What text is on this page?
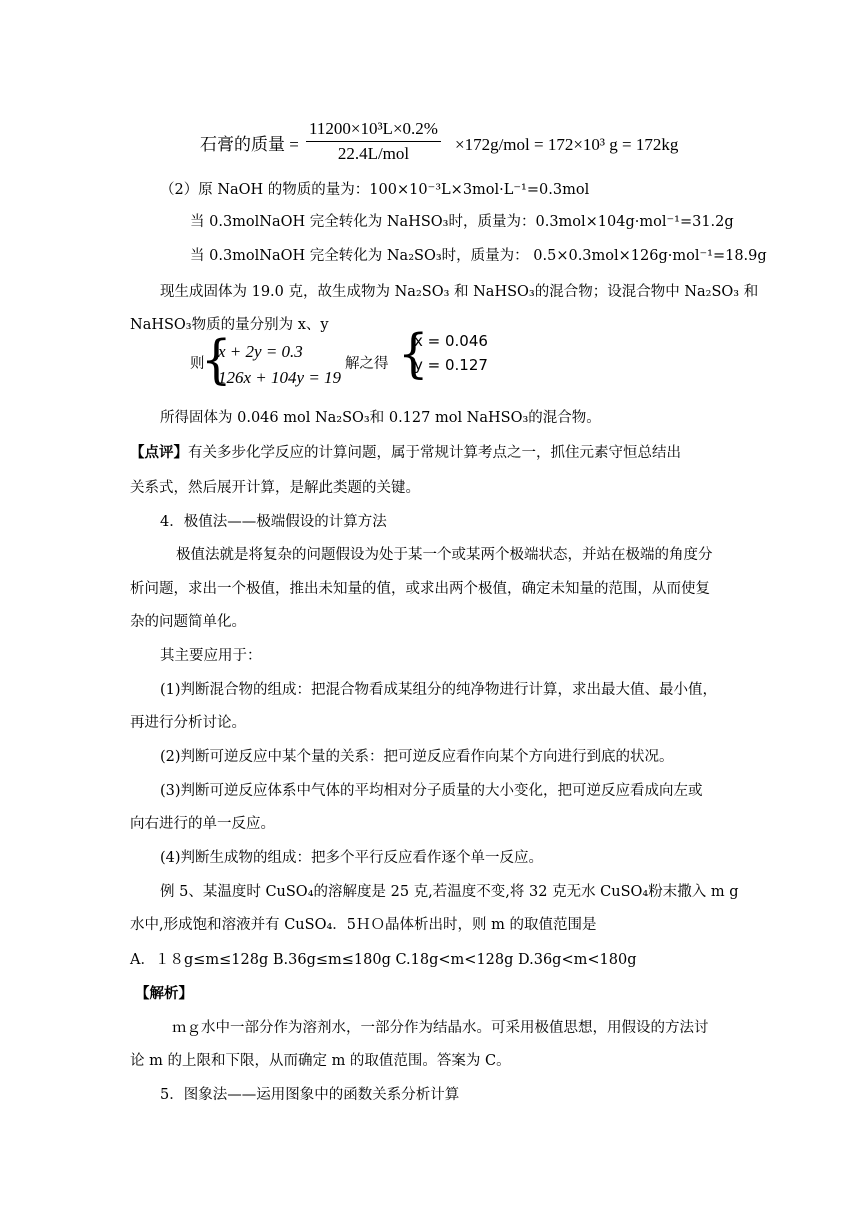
石膏的质量 =
11200×10³L×0.2%
22.4L/mol	×172g/mol = 172×10³ g = 172kg
（2）原 NaOH 的物质的量为：100×10⁻³L×3mol·L⁻¹=0.3mol
当 0.3molNaOH 完全转化为 NaHSO₃时，质量为：0.3mol×104g·mol⁻¹=31.2g
当 0.3molNaOH 完全转化为 Na₂SO₃时，质量为： 0.5×0.3mol×126g·mol⁻¹=18.9g
现生成固体为 19.0 克，故生成物为 Na₂SO₃ 和 NaHSO₃的混合物；设混合物中 Na₂SO₃ 和
NaHSO₃物质的量分别为 x、y
则
{
x + 2y = 0.3
126x + 104y = 19
解之得 {
x = 0.046
y = 0.127
所得固体为 0.046 mol Na₂SO₃和 0.127 mol NaHSO₃的混合物。
【点评】有关多步化学反应的计算问题，属于常规计算考点之一，抓住元素守恒总结出
关系式，然后展开计算，是解此类题的关键。
4．极值法——极端假设的计算方法
极值法就是将复杂的问题假设为处于某一个或某两个极端状态，并站在极端的角度分
析问题，求出一个极值，推出未知量的值，或求出两个极值，确定未知量的范围，从而使复
杂的问题简单化。
其主要应用于：
(1)判断混合物的组成：把混合物看成某组分的纯净物进行计算，求出最大值、最小值，
再进行分析讨论。
(2)判断可逆反应中某个量的关系：把可逆反应看作向某个方向进行到底的状况。
(3)判断可逆反应体系中气体的平均相对分子质量的大小变化，把可逆反应看成向左或
向右进行的单一反应。
(4)判断生成物的组成：把多个平行反应看作逐个单一反应。
例 5、某温度时 CuSO₄的溶解度是 25 克,若温度不变,将 32 克无水 CuSO₄粉末撒入 m g
水中,形成饱和溶液并有 CuSO₄．5ＨＯ晶体析出时，则 m 的取值范围是
A．１８g≤m≤128g B.36g≤m≤180g C.18g<m<128g D.36g<m<180g
【解析】
ｍｇ水中一部分作为溶剂水，一部分作为结晶水。可采用极值思想，用假设的方法讨
论 m 的上限和下限，从而确定 m 的取值范围。答案为 C。
5．图象法——运用图象中的函数关系分析计算
